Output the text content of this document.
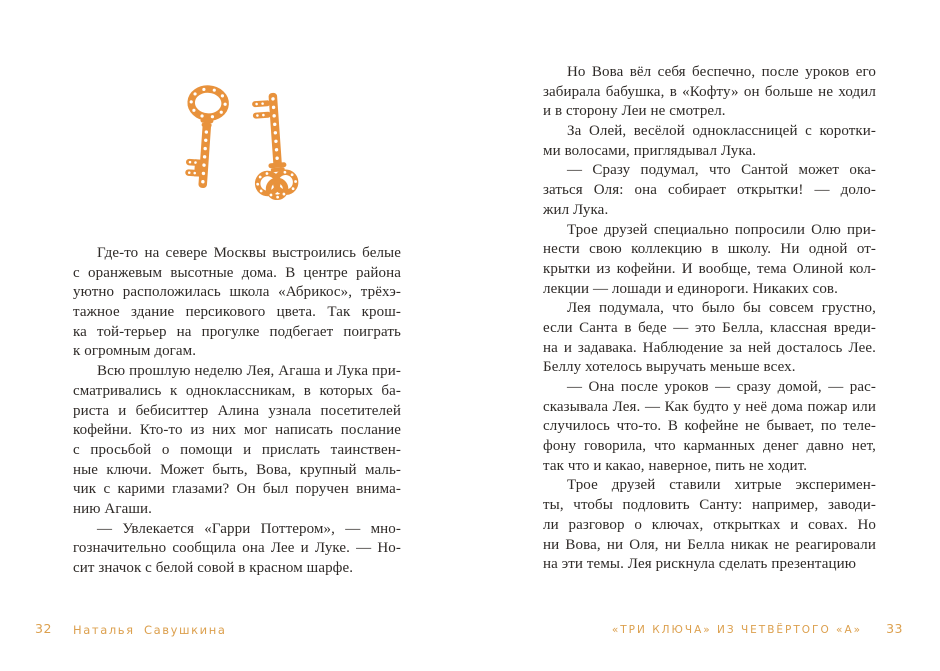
Где-то на севере Москвы выстроились белые
с оранжевым высотные дома. В центре района
уютно расположилась школа «Абрикос», трёхэ-
тажное здание персикового цвета. Так крош-
ка той-терьер на прогулке подбегает поиграть
к огромным догам.
Всю прошлую неделю Лея, Агаша и Лука при-
сматривались к одноклассникам, в которых ба-
риста и бебиситтер Алина узнала посетителей
кофейни. Кто-то из них мог написать послание
с просьбой о помощи и прислать таинствен-
ные ключи. Может быть, Вова, крупный маль-
чик с карими глазами? Он был поручен внима-
нию Агаши.
— Увлекается «Гарри Поттером», — мно-
гозначительно сообщила она Лее и Луке. — Но-
сит значок с белой совой в красном шарфе.
32 Наталья Савушкина
Но Вова вёл себя беспечно, после уроков его
забирала бабушка, в «Кофту» он больше не ходил
и в сторону Леи не смотрел.
За Олей, весёлой одноклассницей с коротки-
ми волосами, приглядывал Лука.
— Сразу подумал, что Сантой может ока-
заться Оля: она собирает открытки! — доло-
жил Лука.
Трое друзей специально попросили Олю при-
нести свою коллекцию в школу. Ни одной от-
крытки из кофейни. И вообще, тема Олиной кол-
лекции — лошади и единороги. Никаких сов.
Лея подумала, что было бы совсем грустно,
если Санта в беде — это Белла, классная вреди-
на и задавака. Наблюдение за ней досталось Лее.
Беллу хотелось выручать меньше всех.
— Она после уроков — сразу домой, — рас-
сказывала Лея. — Как будто у неё дома пожар или
случилось что-то. В кофейне не бывает, по теле-
фону говорила, что карманных денег давно нет,
так что и какао, наверное, пить не ходит.
Трое друзей ставили хитрые эксперимен-
ты, чтобы подловить Санту: например, заводи-
ли разговор о ключах, открытках и совах. Но
ни Вова, ни Оля, ни Белла никак не реагировали
на эти темы. Лея рискнула сделать презентацию
«ТРИ КЛЮЧА» ИЗ ЧЕТВЁРТОГО «А» 33
